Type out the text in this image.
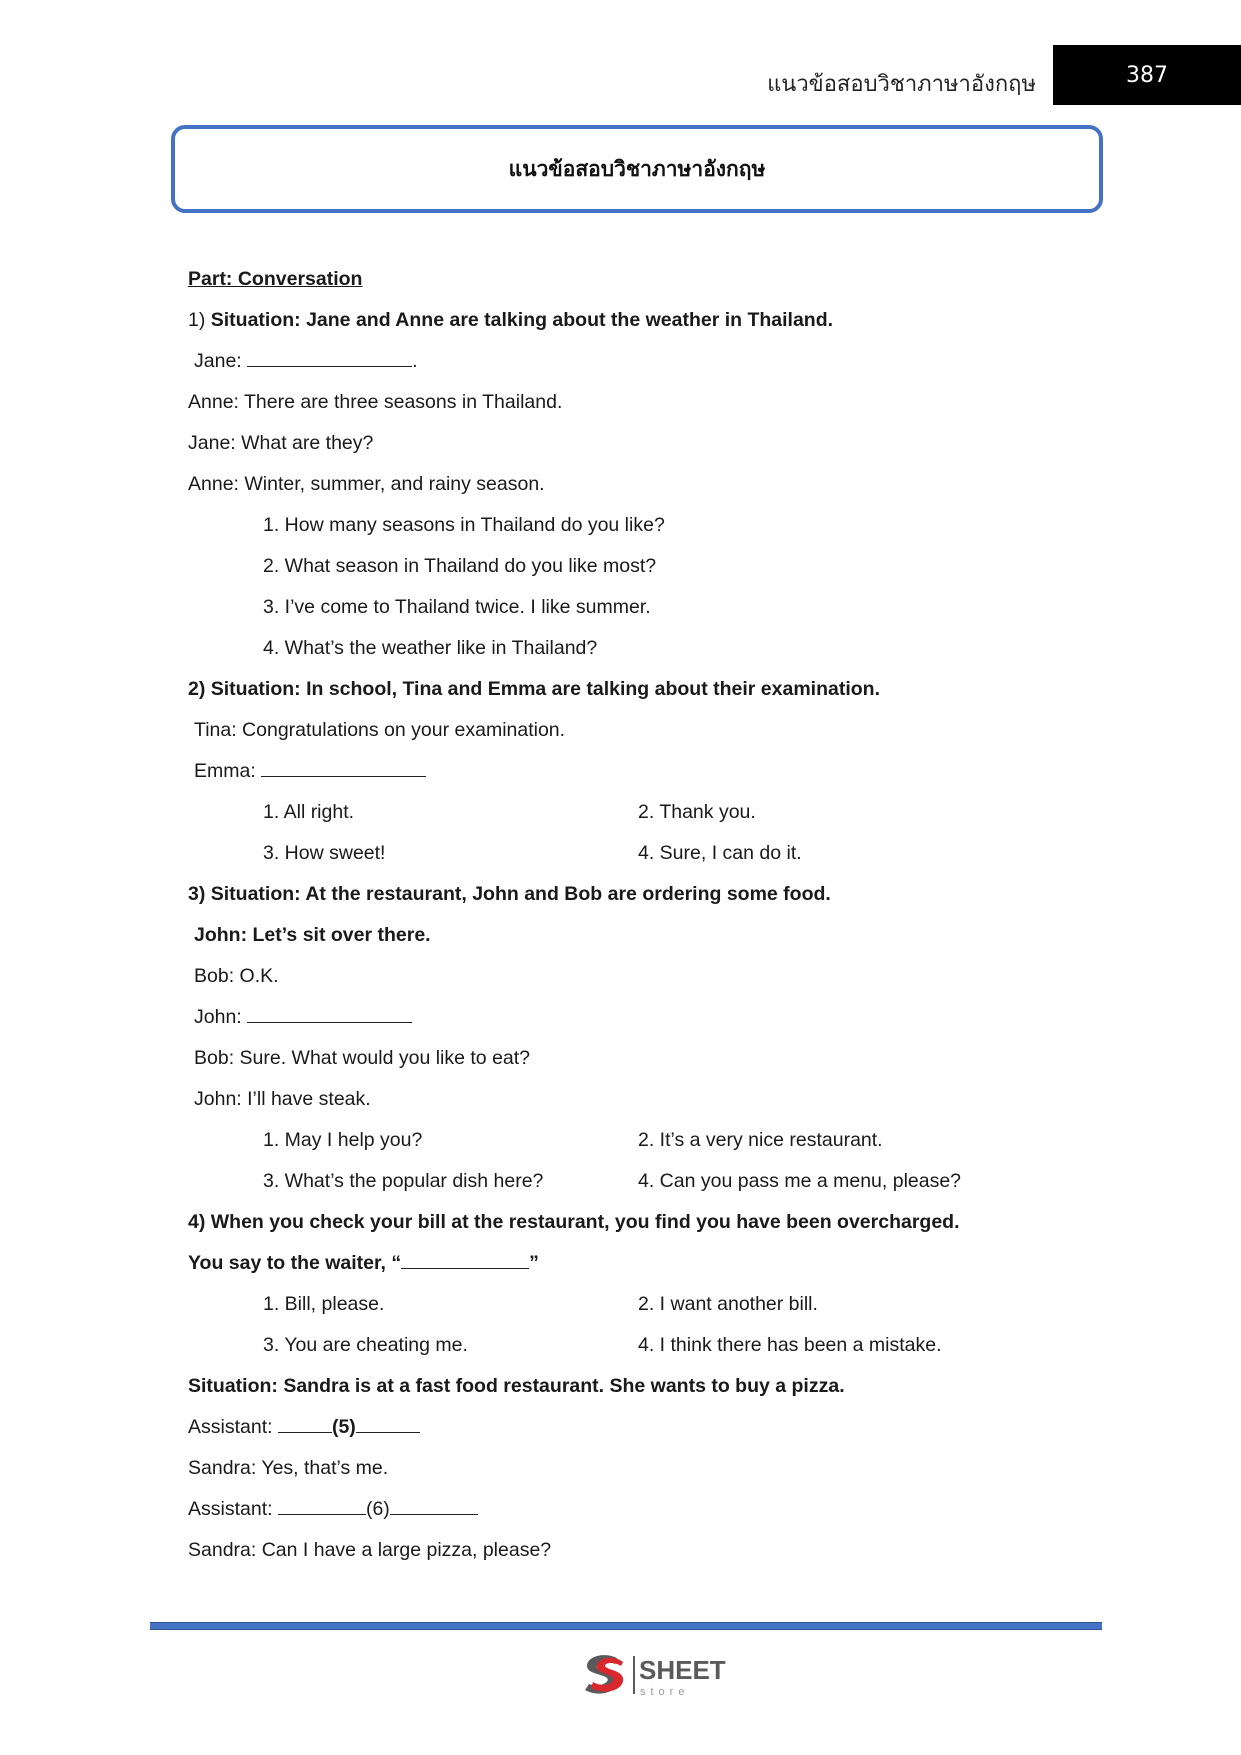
แนวข้อสอบวิชาภาษาอังกฤษ	387
แนวข้อสอบวิชาภาษาอังกฤษ
Part: Conversation
1) Situation: Jane and Anne are talking about the weather in Thailand.
Jane:	.
Anne: There are three seasons in Thailand.
Jane: What are they?
Anne: Winter, summer, and rainy season.
1. How many seasons in Thailand do you like?
2. What season in Thailand do you like most?
3. I’ve come to Thailand twice. I like summer.
4. What’s the weather like in Thailand?
2) Situation: In school, Tina and Emma are talking about their examination.
Tina: Congratulations on your examination.
Emma:
1. All right.	2. Thank you.
3. How sweet!	4. Sure, I can do it.
3) Situation: At the restaurant, John and Bob are ordering some food.
John: Let’s sit over there.
Bob: O.K.
John:
Bob: Sure. What would you like to eat?
John: I’ll have steak.
1. May I help you?	2. It’s a very nice restaurant.
3. What’s the popular dish here?	4. Can you pass me a menu, please?
4) When you check your bill at the restaurant, you find you have been overcharged.
You say to the waiter, “	”
1. Bill, please.	2. I want another bill.
3. You are cheating me.	4. I think there has been a mistake.
Situation: Sandra is at a fast food restaurant. She wants to buy a pizza.
Assistant:	(5)
Sandra: Yes, that’s me.
Assistant:	(6)
Sandra: Can I have a large pizza, please?
SHEET
store
